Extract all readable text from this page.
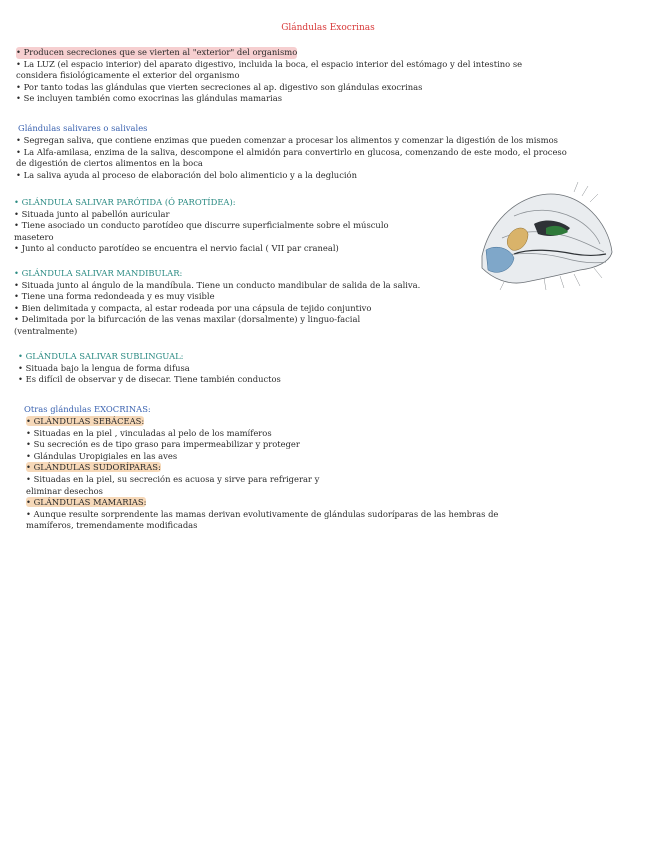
Glándulas Exocrinas

• Producen secreciones que se vierten al "exterior" del organismo

• La LUZ (el espacio interior) del aparato digestivo, incluida la boca, el espacio interior del estómago y del intestino se

considera fisiológicamente el exterior del organismo

• Por tanto todas las glándulas que vierten secreciones al ap. digestivo son glándulas exocrinas

• Se incluyen también como exocrinas las glándulas mamarias

Glándulas salivares o salivales

• Segregan saliva, que contiene enzimas que pueden comenzar a procesar los alimentos y comenzar la digestión de los mismos

• La Alfa-amilasa, enzima de la saliva, descompone el almidón para convertirlo en glucosa, comenzando de este modo, el proceso

de digestión de ciertos alimentos en la boca

• La saliva ayuda al proceso de elaboración del bolo alimenticio y a la deglución

• GLÁNDULA SALIVAR PARÓTIDA (Ó PAROTÍDEA):

• Situada junto al pabellón auricular

• Tiene asociado un conducto parotídeo que discurre superficialmente sobre el músculo

masetero

• Junto al conducto parotídeo se encuentra el nervio facial ( VII par craneal)

• GLÁNDULA SALIVAR MANDIBULAR:

• Situada junto al ángulo de la mandíbula. Tiene un conducto mandibular de salida de la saliva.

• Tiene una forma redondeada y es muy visible

• Bien delimitada y compacta, al estar rodeada por una cápsula de tejido conjuntivo

• Delimitada por la bifurcación de las venas maxilar (dorsalmente) y linguo-facial

(ventralmente)

• GLÁNDULA SALIVAR SUBLINGUAL:

• Situada bajo la lengua de forma difusa

• Es difícil de observar y de disecar. Tiene también conductos

Otras glándulas EXOCRINAS:

• GLÁNDULAS SEBÁCEAS:

• Situadas en la piel , vinculadas al pelo de los mamíferos

• Su secreción es de tipo graso para impermeabilizar y proteger

• Glándulas Uropigiales en las aves

• GLÁNDULAS SUDORÍPARAS:

• Situadas en la piel, su secreción es acuosa y sirve para refrigerar y

eliminar desechos

• GLÁNDULAS MAMARIAS:

• Aunque resulte sorprendente las mamas derivan evolutivamente de glándulas sudoríparas de las hembras de

mamíferos, tremendamente modificadas
